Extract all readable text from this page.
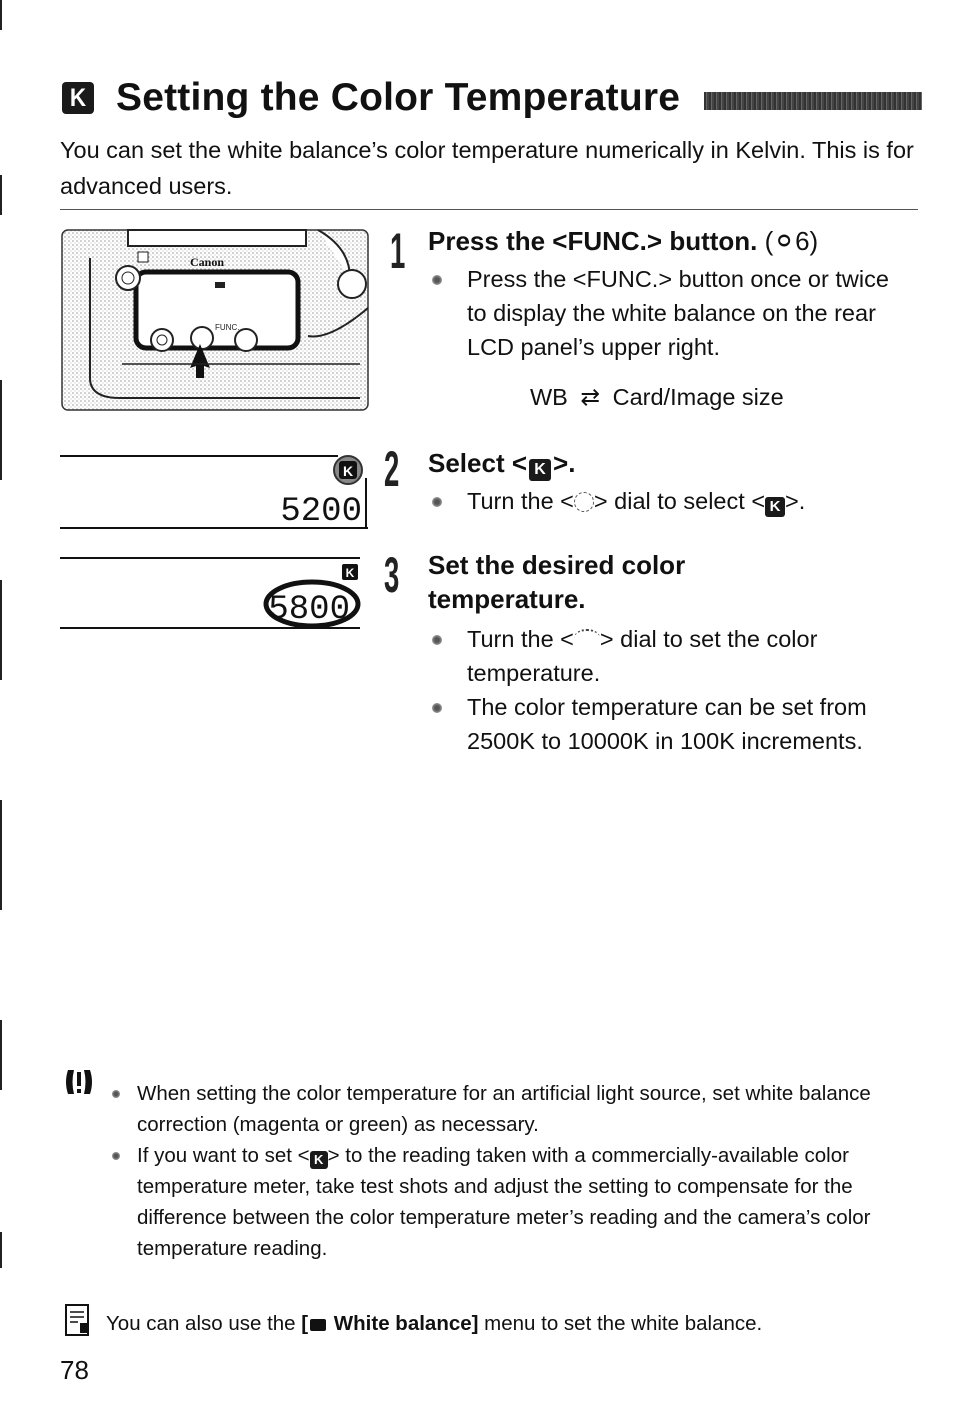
K Setting the Color Temperature

You can set the white balance’s color temperature numerically in Kelvin. This is for advanced users.

Canon
FUNC.
1 Press the <FUNC.> button. (⚪︎6)
Press the <FUNC.> button once or twice to display the white balance on the rear LCD panel’s upper right.
WB ⇄ Card/Image size
K
5200
2 Select < K >.
Turn the < > dial to select < K >.
K
5800
3 Set the desired color temperature.
Turn the < > dial to set the color temperature.
The color temperature can be set from 2500K to 10000K in 100K increments.
When setting the color temperature for an artificial light source, set white balance correction (magenta or green) as necessary.
If you want to set < K > to the reading taken with a commercially-available color temperature meter, take test shots and adjust the setting to compensate for the difference between the color temperature meter’s reading and the camera’s color temperature reading.
You can also use the [ White balance] menu to set the white balance.
78
